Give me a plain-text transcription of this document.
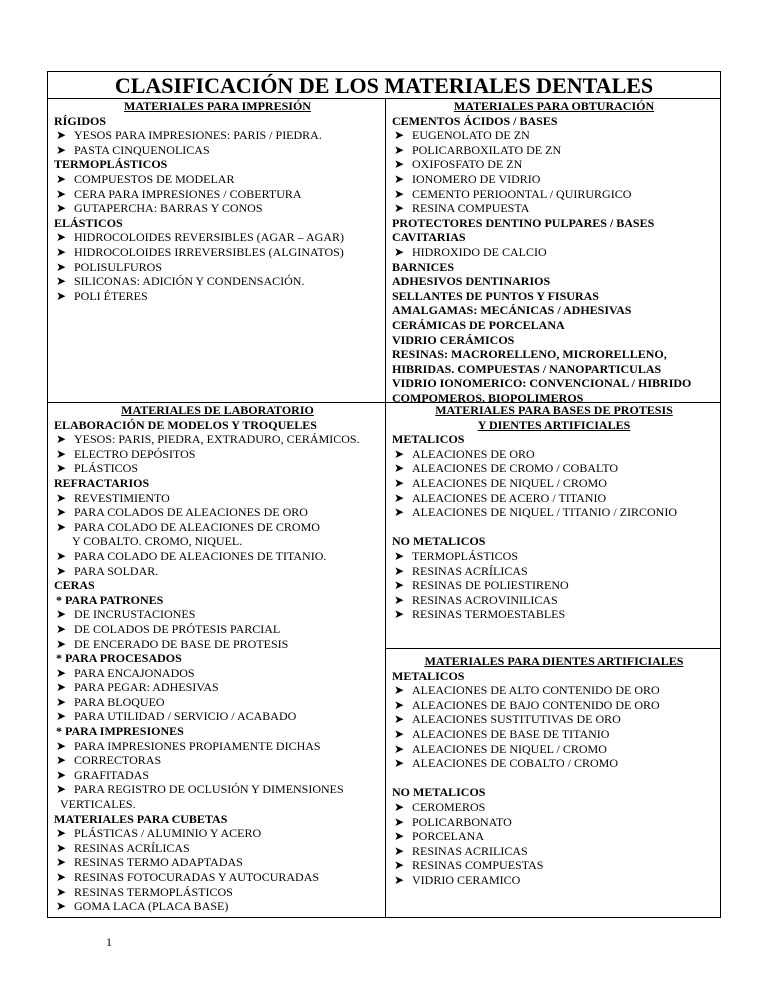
CLASIFICACIÓN DE LOS MATERIALES DENTALES
MATERIALES PARA IMPRESIÓN
RÍGIDOS
➤ YESOS PARA IMPRESIONES: PARIS / PIEDRA.
➤ PASTA CINQUENOLICAS
TERMOPLÁSTICOS
➤ COMPUESTOS DE MODELAR
➤ CERA PARA IMPRESIONES / COBERTURA
➤ GUTAPERCHA: BARRAS Y CONOS
ELÁSTICOS
➤ HIDROCOLOIDES REVERSIBLES (AGAR – AGAR)
➤ HIDROCOLOIDES IRREVERSIBLES (ALGINATOS)
➤ POLISULFUROS
➤ SILICONAS: ADICIÓN Y CONDENSACIÓN.
➤ POLI ÉTERES
MATERIALES PARA OBTURACIÓN
CEMENTOS ÁCIDOS / BASES
➤ EUGENOLATO DE ZN
➤ POLICARBOXILATO DE ZN
➤ OXIFOSFATO DE ZN
➤ IONOMERO DE VIDRIO
➤ CEMENTO PERIOONTAL / QUIRURGICO
➤ RESINA COMPUESTA
PROTECTORES DENTINO PULPARES / BASES
CAVITARIAS
➤ HIDROXIDO DE CALCIO
BARNICES
ADHESIVOS DENTINARIOS
SELLANTES DE PUNTOS Y FISURAS
AMALGAMAS: MECÁNICAS / ADHESIVAS
CERÁMICAS DE PORCELANA
VIDRIO CERÁMICOS
RESINAS: MACRORELLENO, MICRORELLENO,
HIBRIDAS. COMPUESTAS / NANOPARTICULAS
VIDRIO IONOMERICO: CONVENCIONAL / HIBRIDO
COMPOMEROS. BIOPOLIMEROS
MATERIALES DE LABORATORIO
ELABORACIÓN DE MODELOS Y TROQUELES
➤ YESOS: PARIS, PIEDRA, EXTRADURO, CERÁMICOS.
➤ ELECTRO DEPÓSITOS
➤ PLÁSTICOS
REFRACTARIOS
➤ REVESTIMIENTO
➤ PARA COLADOS DE ALEACIONES DE ORO
➤ PARA COLADO DE ALEACIONES DE CROMO
Y COBALTO. CROMO, NIQUEL.
➤ PARA COLADO DE ALEACIONES DE TITANIO.
➤ PARA SOLDAR.
CERAS
* PARA PATRONES
➤ DE INCRUSTACIONES
➤ DE COLADOS DE PRÓTESIS PARCIAL
➤ DE ENCERADO DE BASE DE PROTESIS
* PARA PROCESADOS
➤ PARA ENCAJONADOS
➤ PARA PEGAR: ADHESIVAS
➤ PARA BLOQUEO
➤ PARA UTILIDAD / SERVICIO / ACABADO
* PARA IMPRESIONES
➤ PARA IMPRESIONES PROPIAMENTE DICHAS
➤ CORRECTORAS
➤ GRAFITADAS
➤ PARA REGISTRO DE OCLUSIÓN Y DIMENSIONES
VERTICALES.
MATERIALES PARA CUBETAS
➤ PLÁSTICAS / ALUMINIO Y ACERO
➤ RESINAS ACRÍLICAS
➤ RESINAS TERMO ADAPTADAS
➤ RESINAS FOTOCURADAS Y AUTOCURADAS
➤ RESINAS TERMOPLÁSTICOS
➤ GOMA LACA (PLACA BASE)
MATERIALES PARA BASES DE PROTESIS
Y DIENTES ARTIFICIALES
METALICOS
➤ ALEACIONES DE ORO
➤ ALEACIONES DE CROMO / COBALTO
➤ ALEACIONES DE NIQUEL / CROMO
➤ ALEACIONES DE ACERO / TITANIO
➤ ALEACIONES DE NIQUEL / TITANIO / ZIRCONIO
NO METALICOS
➤ TERMOPLÁSTICOS
➤ RESINAS ACRÍLICAS
➤ RESINAS DE POLIESTIRENO
➤ RESINAS ACROVINILICAS
➤ RESINAS TERMOESTABLES
MATERIALES PARA DIENTES ARTIFICIALES
METALICOS
➤ ALEACIONES DE ALTO CONTENIDO DE ORO
➤ ALEACIONES DE BAJO CONTENIDO DE ORO
➤ ALEACIONES SUSTITUTIVAS DE ORO
➤ ALEACIONES DE BASE DE TITANIO
➤ ALEACIONES DE NIQUEL / CROMO
➤ ALEACIONES DE COBALTO / CROMO
NO METALICOS
➤ CEROMEROS
➤ POLICARBONATO
➤ PORCELANA
➤ RESINAS ACRILICAS
➤ RESINAS COMPUESTAS
➤ VIDRIO CERAMICO
1
